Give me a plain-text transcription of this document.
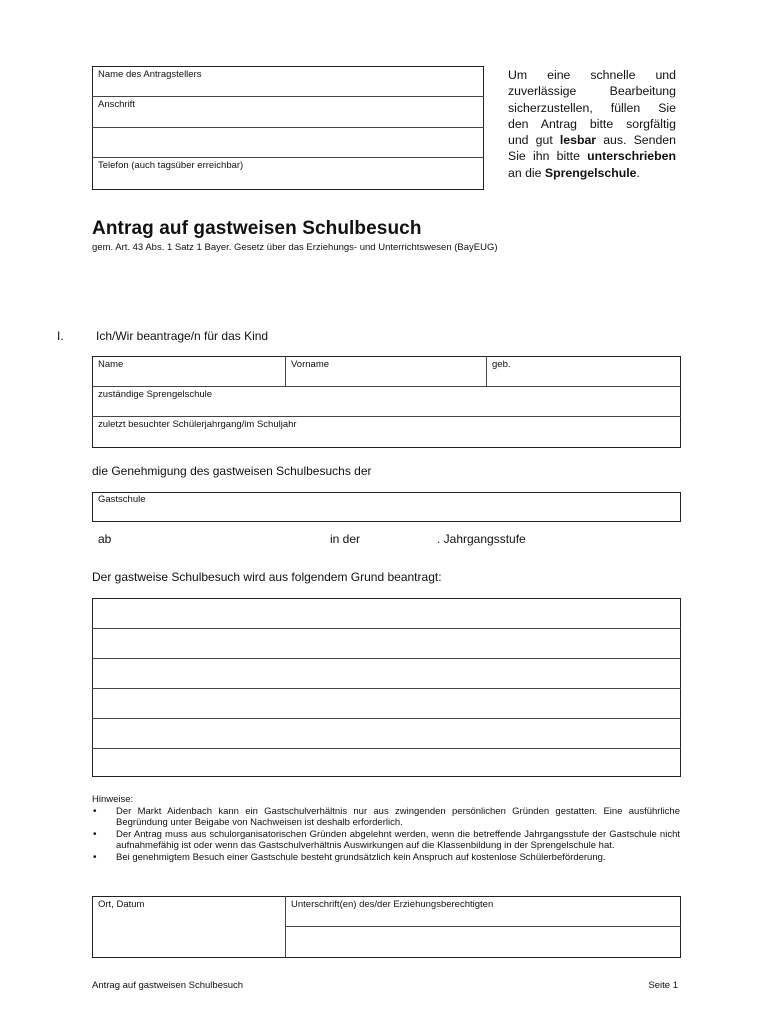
Name des Antragstellers
Anschrift
Telefon (auch tagsüber erreichbar)
Um eine schnelle und
zuverlässige Bearbeitung
sicherzustellen, füllen Sie
den Antrag bitte sorgfältig
und gut lesbar aus. Senden
Sie ihn bitte unterschrieben
an die Sprengelschule.
Antrag auf gastweisen Schulbesuch
gem. Art. 43 Abs. 1 Satz 1 Bayer. Gesetz über das Erziehungs- und Unterrichtswesen (BayEUG)
I.	Ich/Wir beantrage/n für das Kind
Name	Vorname	geb.
zuständige Sprengelschule
zuletzt besuchter Schülerjahrgang/im Schuljahr
die Genehmigung des gastweisen Schulbesuchs der
Gastschule
ab	in der	. Jahrgangsstufe
Der gastweise Schulbesuch wird aus folgendem Grund beantragt:
Hinweise:
• Der Markt Aidenbach kann ein Gastschulverhältnis nur aus zwingenden persönlichen Gründen gestatten. Eine ausführliche Begründung unter Beigabe von Nachweisen ist deshalb erforderlich.
• Der Antrag muss aus schulorganisatorischen Gründen abgelehnt werden, wenn die betreffende Jahrgangsstufe der Gastschule nicht aufnahmefähig ist oder wenn das Gastschulverhältnis Auswirkungen auf die Klassenbildung in der Sprengelschule hat.
• Bei genehmigtem Besuch einer Gastschule besteht grundsätzlich kein Anspruch auf kostenlose Schülerbeförderung.
Ort, Datum	Unterschrift(en) des/der Erziehungsberechtigten
Antrag auf gastweisen Schulbesuch	Seite 1
